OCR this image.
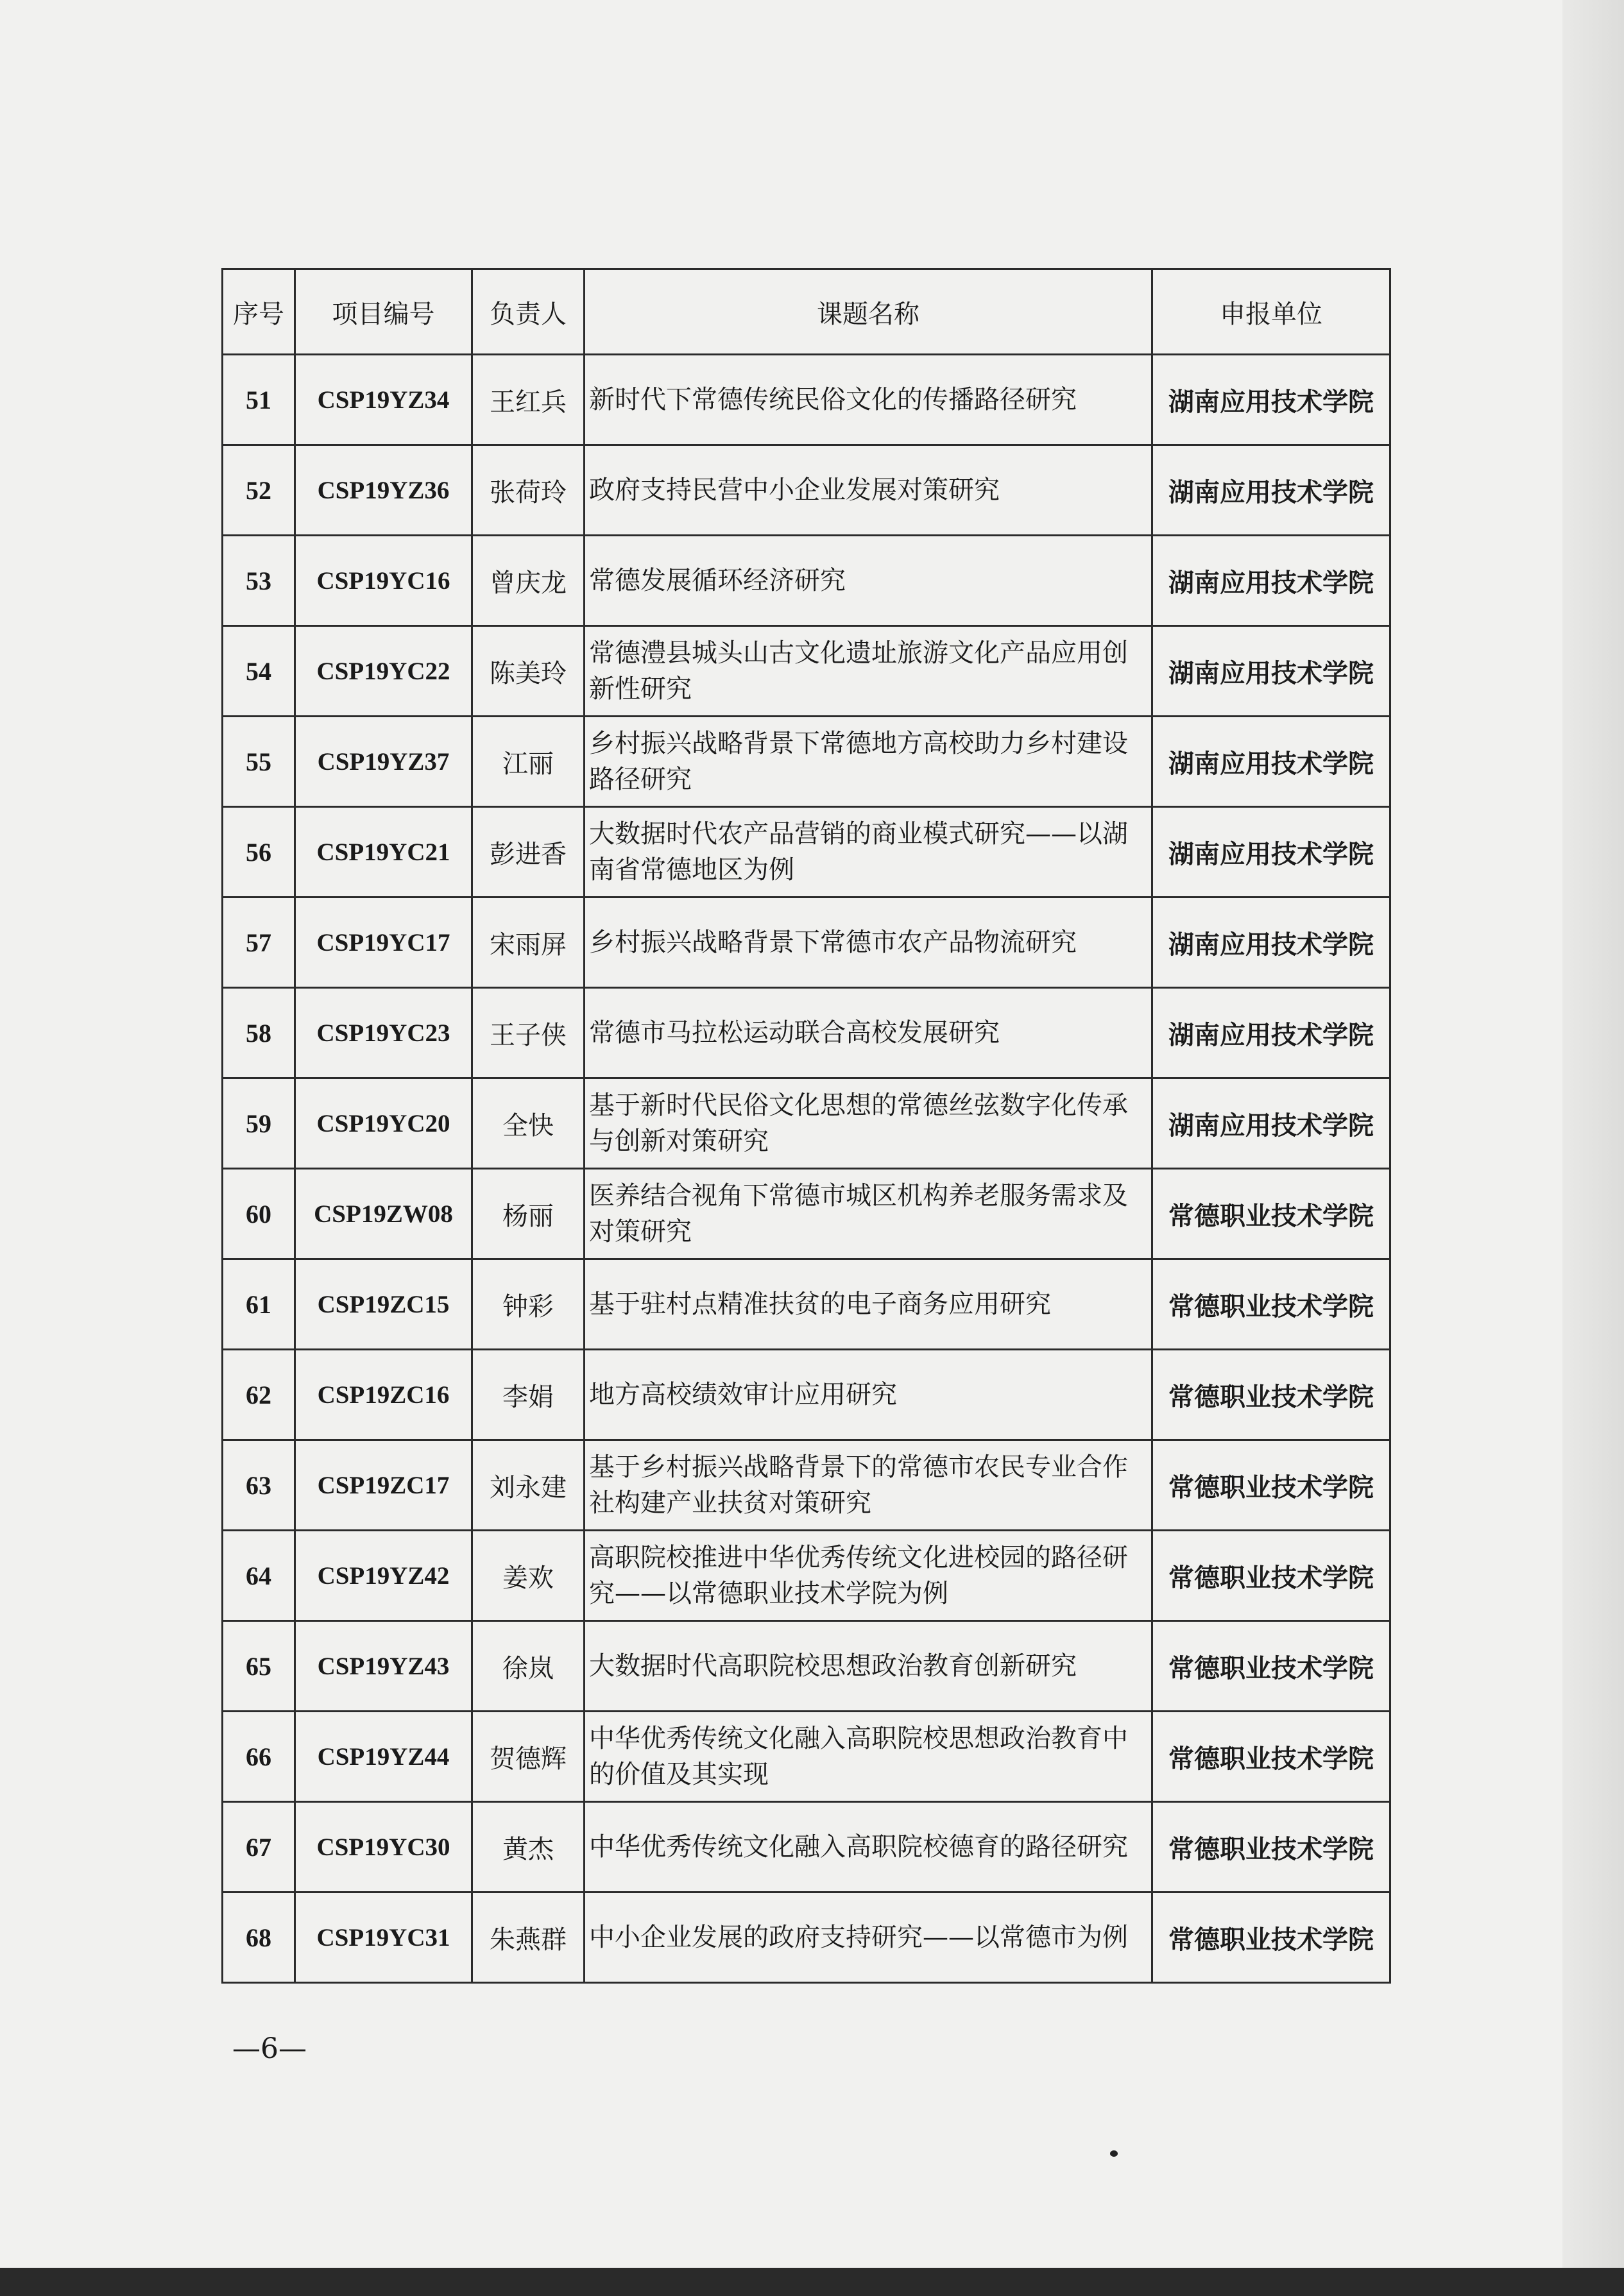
序号	项目编号	负责人	课题名称	申报单位
51	CSP19YZ34	王红兵	新时代下常德传统民俗文化的传播路径研究	湖南应用技术学院
52	CSP19YZ36	张荷玲	政府支持民营中小企业发展对策研究	湖南应用技术学院
53	CSP19YC16	曾庆龙	常德发展循环经济研究	湖南应用技术学院
54	CSP19YC22	陈美玲	常德澧县城头山古文化遗址旅游文化产品应用创新性研究	湖南应用技术学院
55	CSP19YZ37	江丽	乡村振兴战略背景下常德地方高校助力乡村建设路径研究	湖南应用技术学院
56	CSP19YC21	彭进香	大数据时代农产品营销的商业模式研究——以湖南省常德地区为例	湖南应用技术学院
57	CSP19YC17	宋雨屏	乡村振兴战略背景下常德市农产品物流研究	湖南应用技术学院
58	CSP19YC23	王子侠	常德市马拉松运动联合高校发展研究	湖南应用技术学院
59	CSP19YC20	全快	基于新时代民俗文化思想的常德丝弦数字化传承与创新对策研究	湖南应用技术学院
60	CSP19ZW08	杨丽	医养结合视角下常德市城区机构养老服务需求及对策研究	常德职业技术学院
61	CSP19ZC15	钟彩	基于驻村点精准扶贫的电子商务应用研究	常德职业技术学院
62	CSP19ZC16	李娟	地方高校绩效审计应用研究	常德职业技术学院
63	CSP19ZC17	刘永建	基于乡村振兴战略背景下的常德市农民专业合作社构建产业扶贫对策研究	常德职业技术学院
64	CSP19YZ42	姜欢	高职院校推进中华优秀传统文化进校园的路径研究——以常德职业技术学院为例	常德职业技术学院
65	CSP19YZ43	徐岚	大数据时代高职院校思想政治教育创新研究	常德职业技术学院
66	CSP19YZ44	贺德辉	中华优秀传统文化融入高职院校思想政治教育中的价值及其实现	常德职业技术学院
67	CSP19YC30	黄杰	中华优秀传统文化融入高职院校德育的路径研究	常德职业技术学院
68	CSP19YC31	朱燕群	中小企业发展的政府支持研究——以常德市为例	常德职业技术学院
—6—
